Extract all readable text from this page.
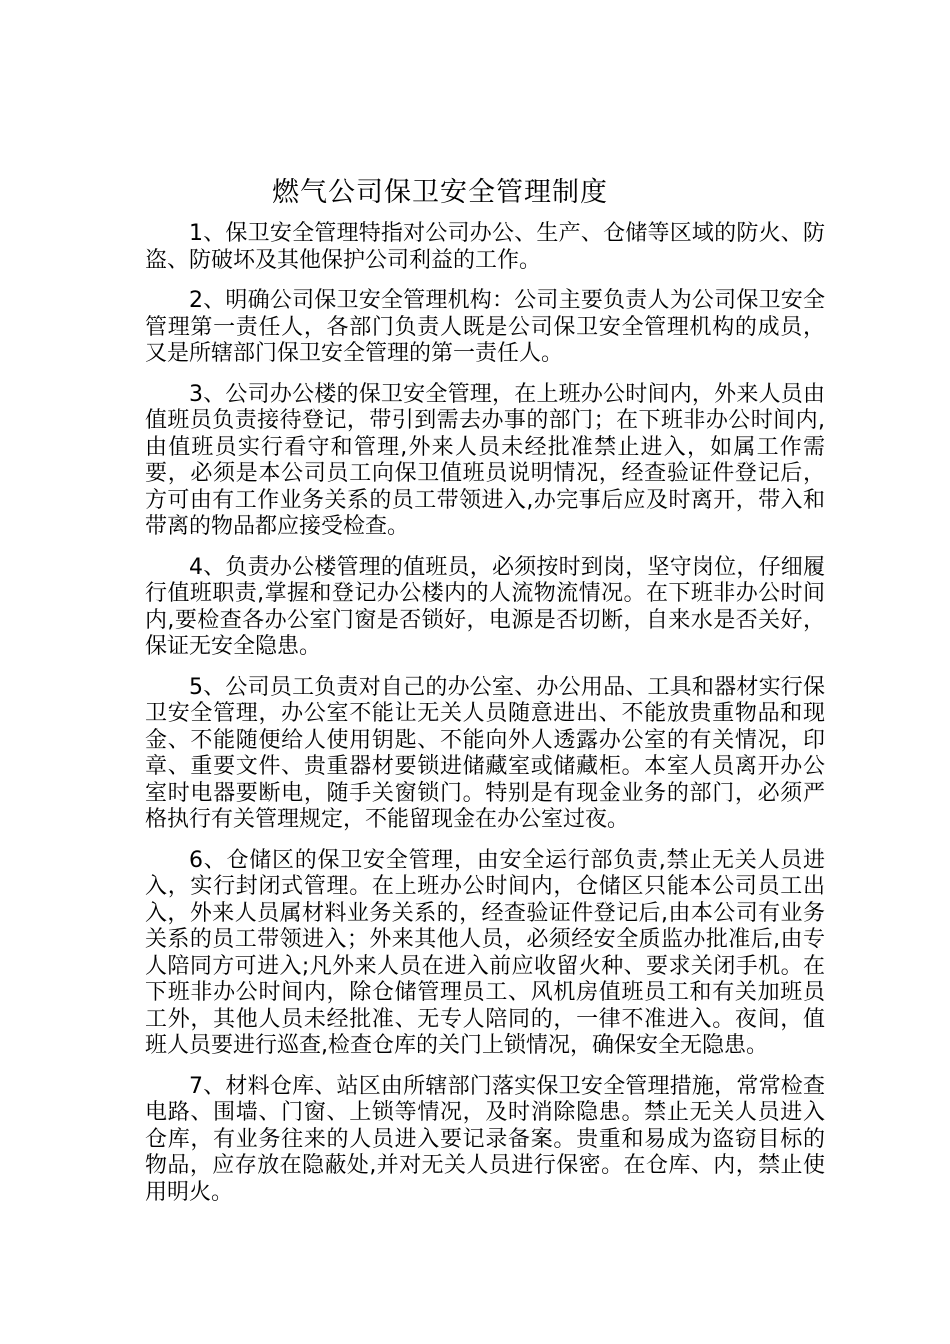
燃气公司保卫安全管理制度

1、保卫安全管理特指对公司办公、生产、仓储等区域的防火、防盗、防破坏及其他保护公司利益的工作。

2、明确公司保卫安全管理机构：公司主要负责人为公司保卫安全管理第一责任人，各部门负责人既是公司保卫安全管理机构的成员，又是所辖部门保卫安全管理的第一责任人。

3、公司办公楼的保卫安全管理，在上班办公时间内，外来人员由值班员负责接待登记，带引到需去办事的部门；在下班非办公时间内,由值班员实行看守和管理,外来人员未经批准禁止进入，如属工作需要，必须是本公司员工向保卫值班员说明情况，经查验证件登记后，方可由有工作业务关系的员工带领进入,办完事后应及时离开，带入和带离的物品都应接受检查。

4、负责办公楼管理的值班员，必须按时到岗，坚守岗位，仔细履行值班职责,掌握和登记办公楼内的人流物流情况。在下班非办公时间内,要检查各办公室门窗是否锁好，电源是否切断，自来水是否关好，保证无安全隐患。

5、公司员工负责对自己的办公室、办公用品、工具和器材实行保卫安全管理，办公室不能让无关人员随意进出、不能放贵重物品和现金、不能随便给人使用钥匙、不能向外人透露办公室的有关情况，印章、重要文件、贵重器材要锁进储藏室或储藏柜。本室人员离开办公室时电器要断电，随手关窗锁门。特别是有现金业务的部门，必须严格执行有关管理规定，不能留现金在办公室过夜。

6、仓储区的保卫安全管理，由安全运行部负责,禁止无关人员进入，实行封闭式管理。在上班办公时间内，仓储区只能本公司员工出入，外来人员属材料业务关系的，经查验证件登记后,由本公司有业务关系的员工带领进入；外来其他人员，必须经安全质监办批准后,由专人陪同方可进入;凡外来人员在进入前应收留火种、要求关闭手机。在下班非办公时间内，除仓储管理员工、风机房值班员工和有关加班员工外，其他人员未经批准、无专人陪同的，一律不准进入。夜间，值班人员要进行巡查,检查仓库的关门上锁情况，确保安全无隐患。

7、材料仓库、站区由所辖部门落实保卫安全管理措施，常常检查电路、围墙、门窗、上锁等情况，及时消除隐患。禁止无关人员进入仓库，有业务往来的人员进入要记录备案。贵重和易成为盗窃目标的物品，应存放在隐蔽处,并对无关人员进行保密。在仓库、内，禁止使用明火。
